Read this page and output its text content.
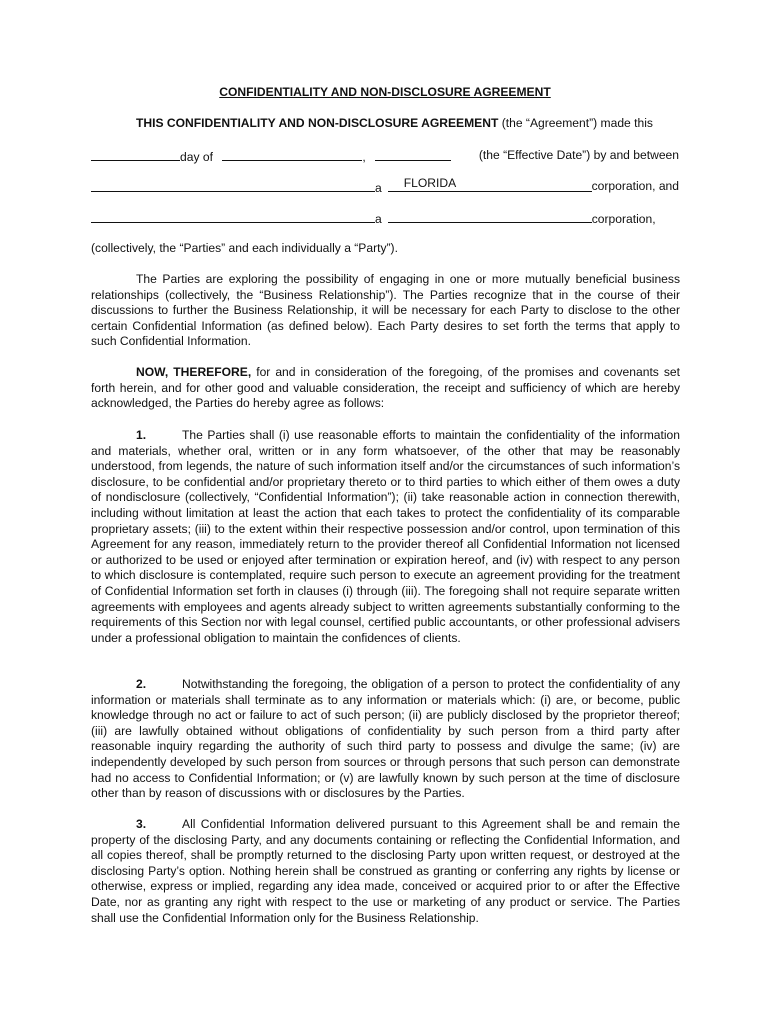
CONFIDENTIALITY AND NON-DISCLOSURE AGREEMENT
THIS CONFIDENTIALITY AND NON-DISCLOSURE AGREEMENT (the “Agreement”) made this
day of	,	(the “Effective Date”) by and between
a FLORIDA	corporation, and
a	corporation,
(collectively, the “Parties” and each individually a “Party”).
The Parties are exploring the possibility of engaging in one or more mutually beneficial business relationships (collectively, the “Business Relationship”). The Parties recognize that in the course of their discussions to further the Business Relationship, it will be necessary for each Party to disclose to the other certain Confidential Information (as defined below). Each Party desires to set forth the terms that apply to such Confidential Information.
NOW, THEREFORE, for and in consideration of the foregoing, of the promises and covenants set forth herein, and for other good and valuable consideration, the receipt and sufficiency of which are hereby acknowledged, the Parties do hereby agree as follows:
1.	The Parties shall (i) use reasonable efforts to maintain the confidentiality of the information and materials, whether oral, written or in any form whatsoever, of the other that may be reasonably understood, from legends, the nature of such information itself and/or the circumstances of such information’s disclosure, to be confidential and/or proprietary thereto or to third parties to which either of them owes a duty of nondisclosure (collectively, “Confidential Information”); (ii) take reasonable action in connection therewith, including without limitation at least the action that each takes to protect the confidentiality of its comparable proprietary assets; (iii) to the extent within their respective possession and/or control, upon termination of this Agreement for any reason, immediately return to the provider thereof all Confidential Information not licensed or authorized to be used or enjoyed after termination or expiration hereof, and (iv) with respect to any person to which disclosure is contemplated, require such person to execute an agreement providing for the treatment of Confidential Information set forth in clauses (i) through (iii). The foregoing shall not require separate written agreements with employees and agents already subject to written agreements substantially conforming to the requirements of this Section nor with legal counsel, certified public accountants, or other professional advisers under a professional obligation to maintain the confidences of clients.
2.	Notwithstanding the foregoing, the obligation of a person to protect the confidentiality of any information or materials shall terminate as to any information or materials which: (i) are, or become, public knowledge through no act or failure to act of such person; (ii) are publicly disclosed by the proprietor thereof; (iii) are lawfully obtained without obligations of confidentiality by such person from a third party after reasonable inquiry regarding the authority of such third party to possess and divulge the same; (iv) are independently developed by such person from sources or through persons that such person can demonstrate had no access to Confidential Information; or (v) are lawfully known by such person at the time of disclosure other than by reason of discussions with or disclosures by the Parties.
3.	All Confidential Information delivered pursuant to this Agreement shall be and remain the property of the disclosing Party, and any documents containing or reflecting the Confidential Information, and all copies thereof, shall be promptly returned to the disclosing Party upon written request, or destroyed at the disclosing Party’s option. Nothing herein shall be construed as granting or conferring any rights by license or otherwise, express or implied, regarding any idea made, conceived or acquired prior to or after the Effective Date, nor as granting any right with respect to the use or marketing of any product or service. The Parties shall use the Confidential Information only for the Business Relationship.
